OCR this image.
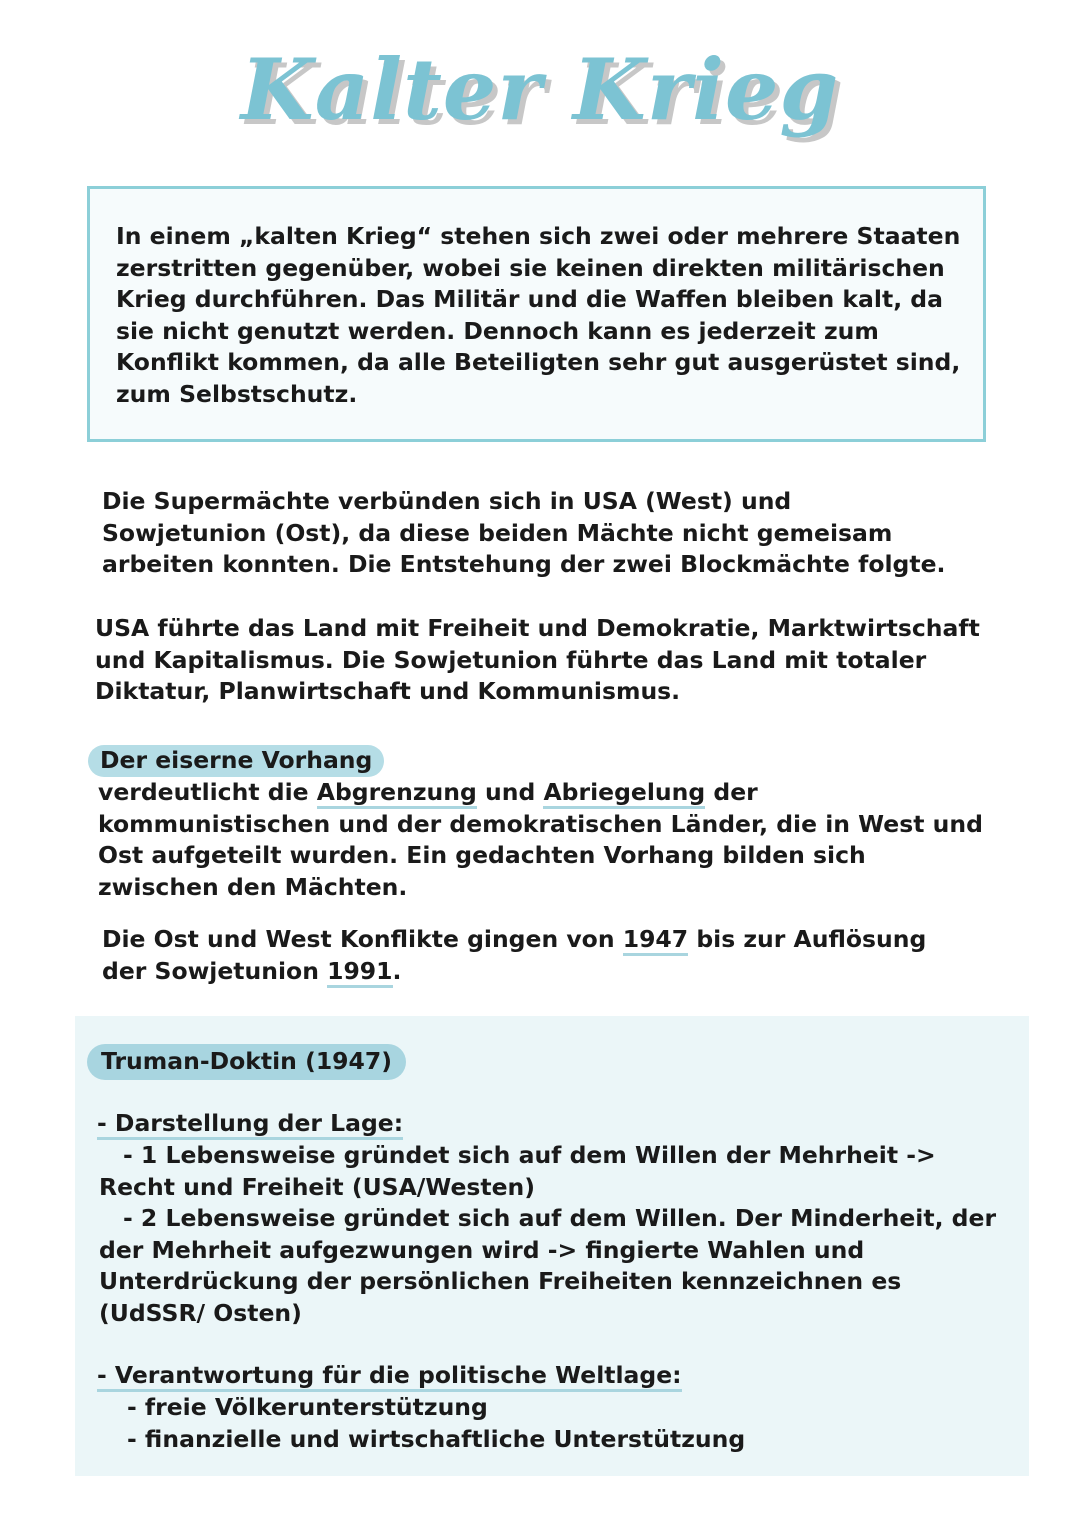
Kalter Krieg

In einem „kalten Krieg“ stehen sich zwei oder mehrere Staaten zerstritten gegenüber, wobei sie keinen direkten militärischen Krieg durchführen. Das Militär und die Waffen bleiben kalt, da sie nicht genutzt werden. Dennoch kann es jederzeit zum Konflikt kommen, da alle Beteiligten sehr gut ausgerüstet sind, zum Selbstschutz.

Die Supermächte verbünden sich in USA (West) und Sowjetunion (Ost), da diese beiden Mächte nicht gemeisam arbeiten konnten. Die Entstehung der zwei Blockmächte folgte.

USA führte das Land mit Freiheit und Demokratie, Marktwirtschaft und Kapitalismus. Die Sowjetunion führte das Land mit totaler Diktatur, Planwirtschaft und Kommunismus.

Der eiserne Vorhang

verdeutlicht die Abgrenzung und Abriegelung der kommunistischen und der demokratischen Länder, die in West und Ost aufgeteilt wurden. Ein gedachten Vorhang bilden sich zwischen den Mächten.

Die Ost und West Konflikte gingen von 1947 bis zur Auflösung der Sowjetunion 1991.

Truman-Doktin (1947)

- Darstellung der Lage:

- 1 Lebensweise gründet sich auf dem Willen der Mehrheit -> Recht und Freiheit (USA/Westen)

- 2 Lebensweise gründet sich auf dem Willen. Der Minderheit, der der Mehrheit aufgezwungen wird -> fingierte Wahlen und Unterdrückung der persönlichen Freiheiten kennzeichnen es (UdSSR/ Osten)

- Verantwortung für die politische Weltlage:

- freie Völkerunterstützung

- finanzielle und wirtschaftliche Unterstützung
